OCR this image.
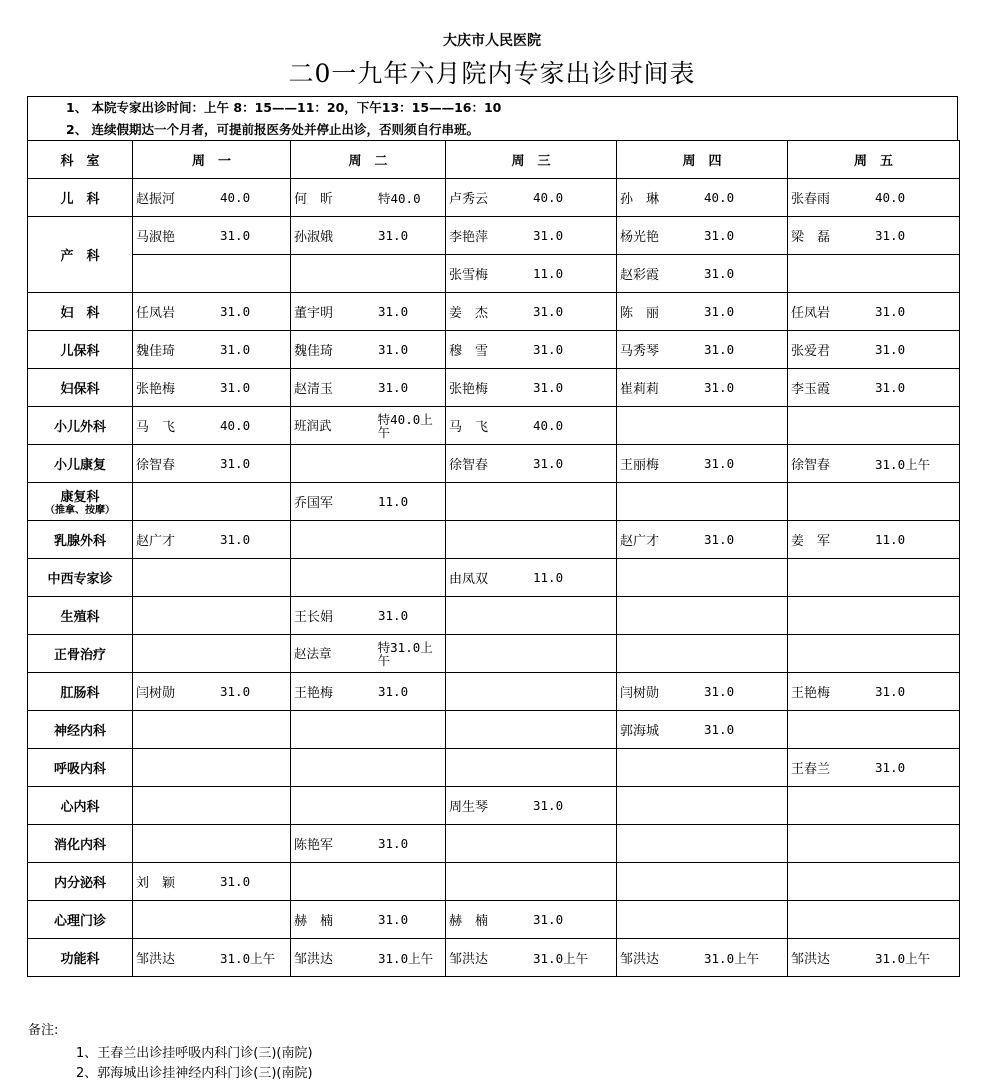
大庆市人民医院
二0一九年六月院内专家出诊时间表
1、 本院专家出诊时间：上午 8：15——11：20，下午13：15——16：10
2、 连续假期达一个月者，可提前报医务处并停止出诊，否则须自行串班。
科　室	周　一	周　二	周　三	周　四	周　五
儿　科	赵振河 40.0	何　昕 特40.0	卢秀云 40.0	孙　琳 40.0	张春雨 40.0

产　科	马淑艳 31.0	孙淑娥 31.0	李艳萍 31.0	杨光艳 31.0	梁　磊 31.0

			张雪梅 11.0	赵彩霞 31.0	

妇　科	任凤岩 31.0	董宇明 31.0	姜　杰 31.0	陈　丽 31.0	任凤岩 31.0

儿保科	魏佳琦 31.0	魏佳琦 31.0	穆　雪 31.0	马秀琴 31.0	张爱君 31.0

妇保科	张艳梅 31.0	赵清玉 31.0	张艳梅 31.0	崔莉莉 31.0	李玉霞 31.0

小儿外科	马　飞 40.0	班润武 特40.0上午	马　飞 40.0		

小儿康复	徐智春 31.0		徐智春 31.0	王丽梅 31.0	徐智春 31.0上午

康复科
（推拿、按摩）		乔国军 11.0			

乳腺外科	赵广才 31.0			赵广才 31.0	姜　军 11.0

中西专家诊			由凤双 11.0		

生殖科		王长娟 31.0			

正骨治疗		赵法章 特31.0上午			

肛肠科	闫树勋 31.0	王艳梅 31.0		闫树勋 31.0	王艳梅 31.0

神经内科				郭海城 31.0	

呼吸内科					王春兰 31.0

心内科			周生琴 31.0		

消化内科		陈艳军 31.0			

内分泌科	刘　颖 31.0				

心理门诊		赫　楠 31.0	赫　楠 31.0		

功能科	邹洪达 31.0上午	邹洪达 31.0上午	邹洪达 31.0上午	邹洪达 31.0上午	邹洪达 31.0上午
备注:
1、王春兰出诊挂呼吸内科门诊(三)(南院)
2、郭海城出诊挂神经内科门诊(三)(南院)
